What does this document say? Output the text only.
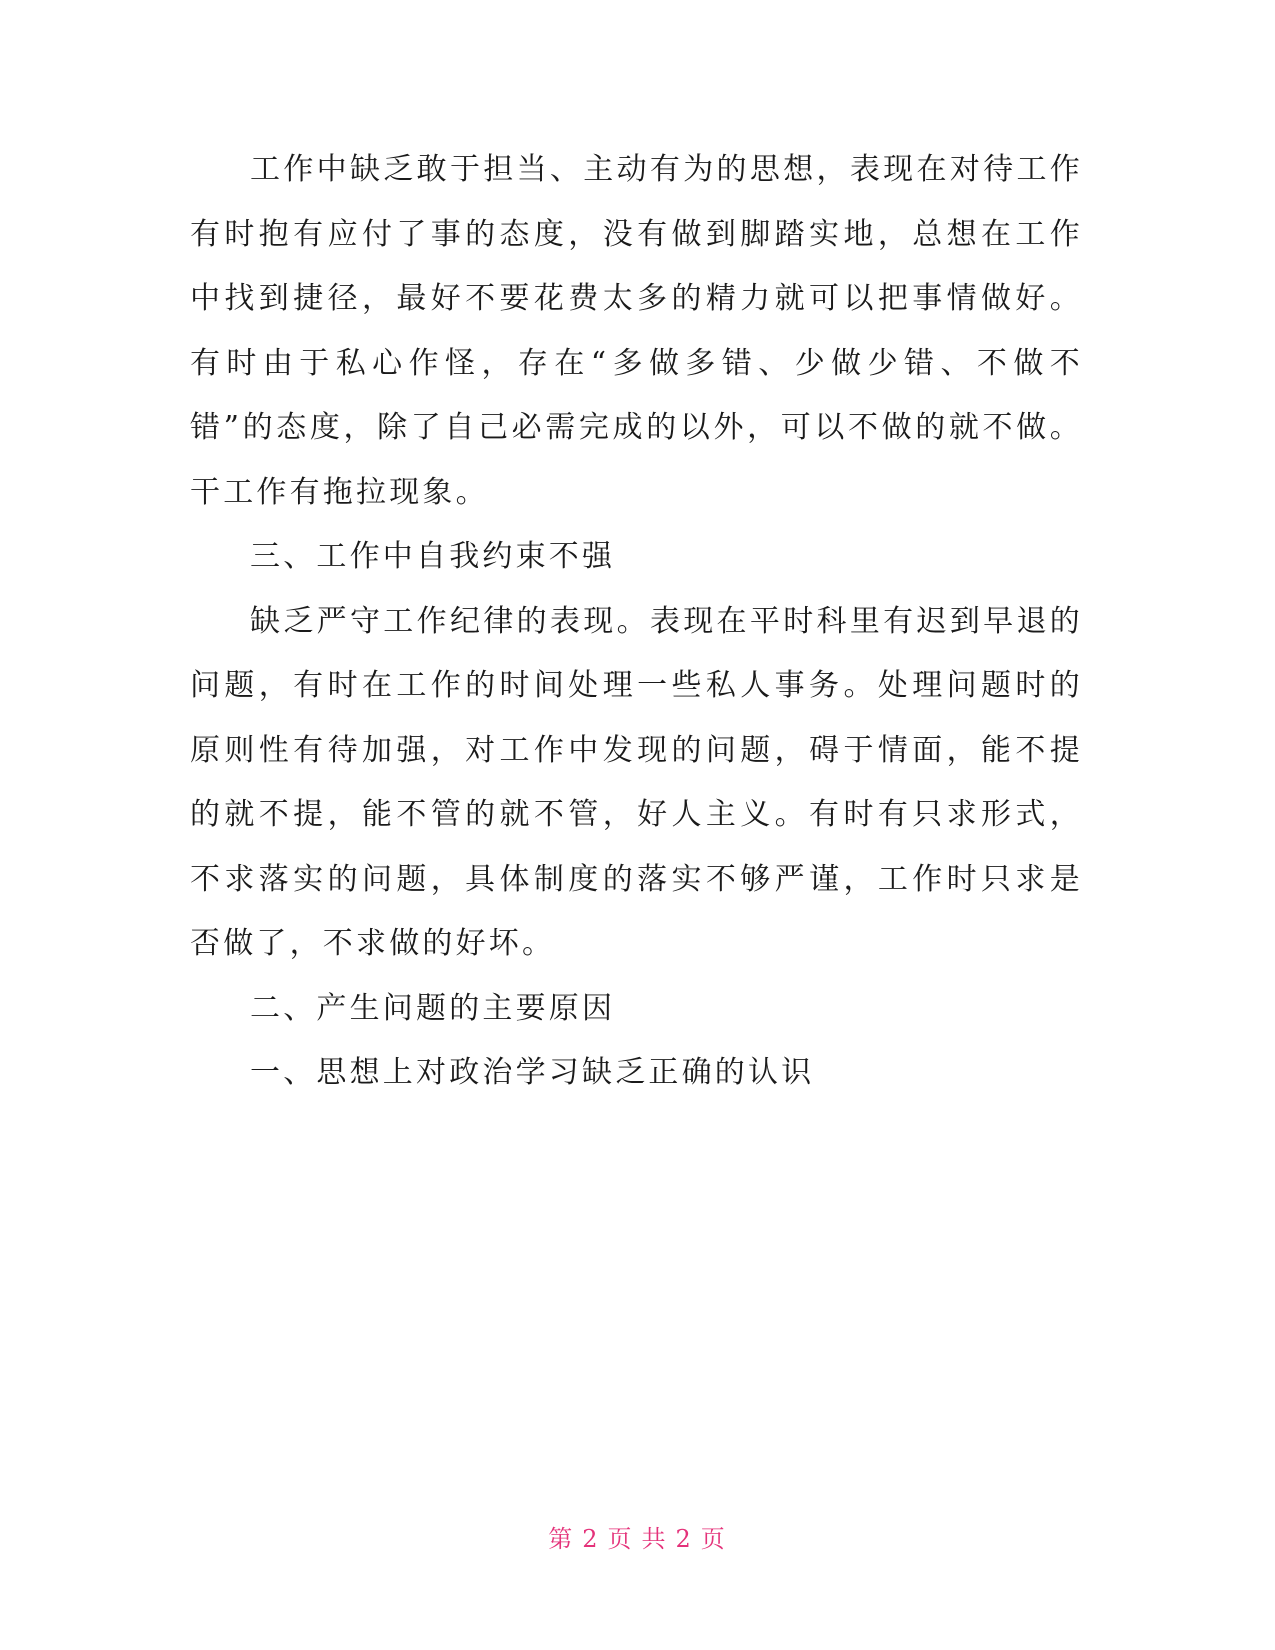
工作中缺乏敢于担当、主动有为的思想，表现在对待工作有时抱有应付了事的态度，没有做到脚踏实地，总想在工作中找到捷径，最好不要花费太多的精力就可以把事情做好。有时由于私心作怪，存在“多做多错、少做少错、不做不错”的态度，除了自己必需完成的以外，可以不做的就不做。干工作有拖拉现象。

三、工作中自我约束不强

缺乏严守工作纪律的表现。表现在平时科里有迟到早退的问题，有时在工作的时间处理一些私人事务。处理问题时的原则性有待加强，对工作中发现的问题，碍于情面，能不提的就不提，能不管的就不管，好人主义。有时有只求形式，不求落实的问题，具体制度的落实不够严谨，工作时只求是否做了，不求做的好坏。

二、产生问题的主要原因

一、思想上对政治学习缺乏正确的认识

第 2 页 共 2 页
